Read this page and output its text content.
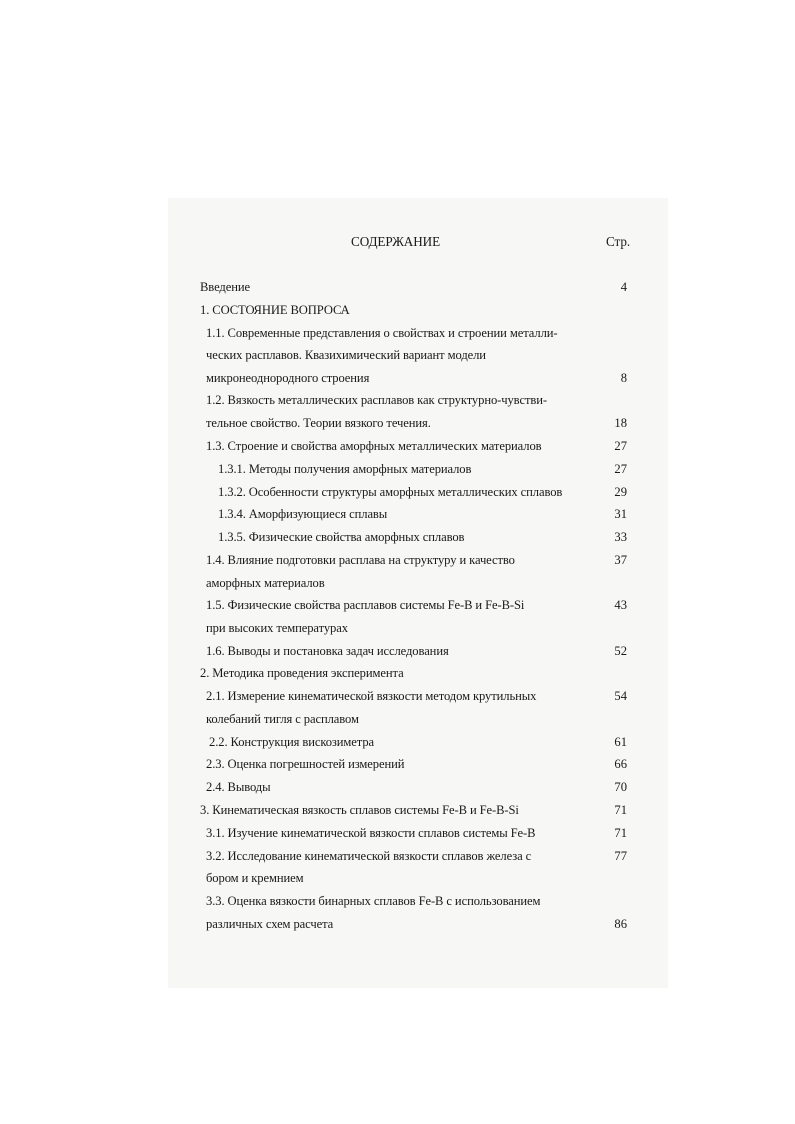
СОДЕРЖАНИЕ	Стр.
Введение	4
1. СОСТОЯНИЕ ВОПРОСА
1.1. Современные представления о свойствах и строении металли-
ческих расплавов. Квазихимический вариант модели
микронеоднородного строения	8
1.2. Вязкость металлических расплавов как структурно-чувстви-
тельное свойство. Теории вязкого течения.	18
1.3. Строение и свойства аморфных металлических материалов	27
1.3.1. Методы получения аморфных материалов	27
1.3.2. Особенности структуры аморфных металлических сплавов	29
1.3.4. Аморфизующиеся сплавы	31
1.3.5. Физические свойства аморфных сплавов	33
1.4. Влияние подготовки расплава на структуру и качество	37
аморфных материалов
1.5. Физические свойства расплавов системы Fe-B и Fe-B-Si	43
при высоких температурах
1.6. Выводы и постановка задач исследования	52
2. Методика проведения эксперимента
2.1. Измерение кинематической вязкости методом крутильных	54
колебаний тигля с расплавом
2.2. Конструкция вискозиметра	61
2.3. Оценка погрешностей измерений	66
2.4. Выводы	70
3. Кинематическая вязкость сплавов системы Fe-B и Fe-B-Si	71
3.1. Изучение кинематической вязкости сплавов системы Fe-B	71
3.2. Исследование кинематической вязкости сплавов железа с	77
бором и кремнием
3.3. Оценка вязкости бинарных сплавов Fe-B с использованием
различных схем расчета	86
